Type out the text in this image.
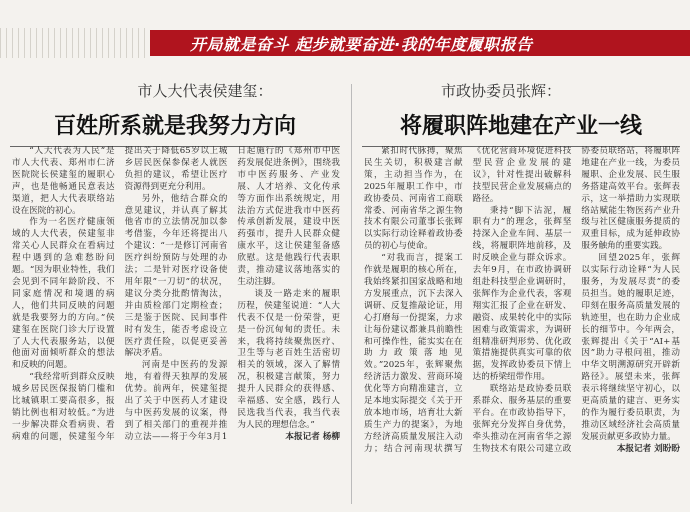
开局就是奋斗 起步就要奋进·我的年度履职报告
市人大代表侯建玺：
百姓所系就是我努力方向

“人大代表为人民”是市人大代表、郑州市仁济医院院长侯建玺的履职心声，也是他畅通民意表达渠道，把人大代表联络站设在医院的初心。

作为一名医疗健康领域的人大代表，侯建玺非常关心人民群众在看病过程中遇到的急难愁盼问题。“因为职业特性，我们会见到不同年龄阶段、不同家庭情况和境遇的病人，他们共同反映的问题就是我要努力的方向。”侯建玺在医院门诊大厅设置了人大代表服务站，以便他面对面倾听群众的想法和反映的问题。

“我经常听到群众反映城乡居民医保报销门槛和比城镇职工要高很多，报销比例也相对较低。”为进一步解决群众看病贵、看病难的问题，侯建玺今年提出关于降低65岁以上城乡居民医保参保老人就医负担的建议，希望让医疗资源得到更充分利用。

另外，他结合群众的意见建议，并认真了解其他省市的立法情况加以参考借鉴，今年还将提出八个建议：“一是修订河南省医疗纠纷预防与处理的办法；二是针对医疗设备使用年限”一刀切”的状况，建议分类分批酌情淘汰，并由质检部门定期检查；三是鉴于医院、民间事件时有发生，能否考虑设立医疗责任险，以促更妥善解决矛盾。

河南是中医药的发源地，有着得天独厚的发展优势。前两年，侯建玺提出了关于中医药人才建设与中医药发展的议案，得到了相关部门的重视并推动立法——将于今年3月1日起施行的《郑州市中医药发展促进条例》，围绕我市中医药服务、产业发展、人才培养、文化传承等方面作出系统规定，用法治方式促进我市中医药传承创新发展，建设中医药强市，提升人民群众健康水平，这让侯建玺备感欣慰。这是他践行代表职责，推动建议落地落实的生动注脚。

谈及一路走来的履职历程，侯建玺说道：“人大代表不仅是一份荣誉，更是一份沉甸甸的责任。未来，我将持续聚焦医疗、卫生等与老百姓生活密切相关的领域，深入了解情况，积极建言献策，努力提升人民群众的获得感、幸福感、安全感，践行人民选我当代表，我当代表为人民的理想信念。”

本报记者 杨柳

市政协委员张辉：
将履职阵地建在产业一线

紧扣时代脉搏，聚焦民生关切，积极建言献策，主动担当作为，在2025年履职工作中，市政协委员、河南省工商联常委、河南省华之源生物技术有限公司董事长张辉以实际行动诠释着政协委员的初心与使命。

“对我而言，提案工作就是履职的核心所在，我始终紧扣国家战略和地方发展重点，沉下去深入调研、反复推敲论证，用心打磨每一份提案，力求让每份建议都兼具前瞻性和可操作性，能实实在在助力政策落地见效。”2025年，张辉聚焦经济活力激发、营商环境优化等方向精准建言，立足本地实际提交《关于开放本地市场，培育壮大新质生产力的提案》，为地方经济高质量发展注入动力；结合河南现状撰写《优化营商环境促进科技型民营企业发展的建议》，针对性提出破解科技型民营企业发展痛点的路径。

秉持“脚下沾泥，履职有力”的理念，张辉坚持深入企业车间、基层一线，将履职阵地前移，及时反映企业与群众诉求。去年9月，在市政协调研组赴科技型企业调研时，张辉作为企业代表，客观翔实汇报了企业在研发、融资、成果转化中的实际困难与政策需求，为调研组精准研判形势、优化政策措施提供真实可靠的依据，发挥政协委员下情上达的桥梁纽带作用。

联络站是政协委员联系群众、服务基层的重要平台。在市政协指导下，张辉充分发挥自身优势，牵头推动在河南省华之源生物技术有限公司建立政协委员联络站，将履职阵地建在产业一线，为委员履职、企业发展、民生服务搭建高效平台。张辉表示，这一举措助力实现联络站赋能生物医药产业升级与社区健康服务提质的双重目标，成为延伸政协服务触角的重要实践。

回望2025年，张辉以实际行动诠释“为人民服务，为发展尽责”的委员担当。她的履职足迹，印刻在服务高质量发展的轨迹里，也在助力企业成长的细节中。今年两会，张辉提出《关于“AI+基因”助力寻根问祖，推动中华文明溯源研究开辟新路径》。展望未来，张辉表示将继续坚守初心，以更高质量的建言、更务实的作为履行委员职责，为推动区域经济社会高质量发展贡献更多政协力量。

本报记者 刘盼盼
